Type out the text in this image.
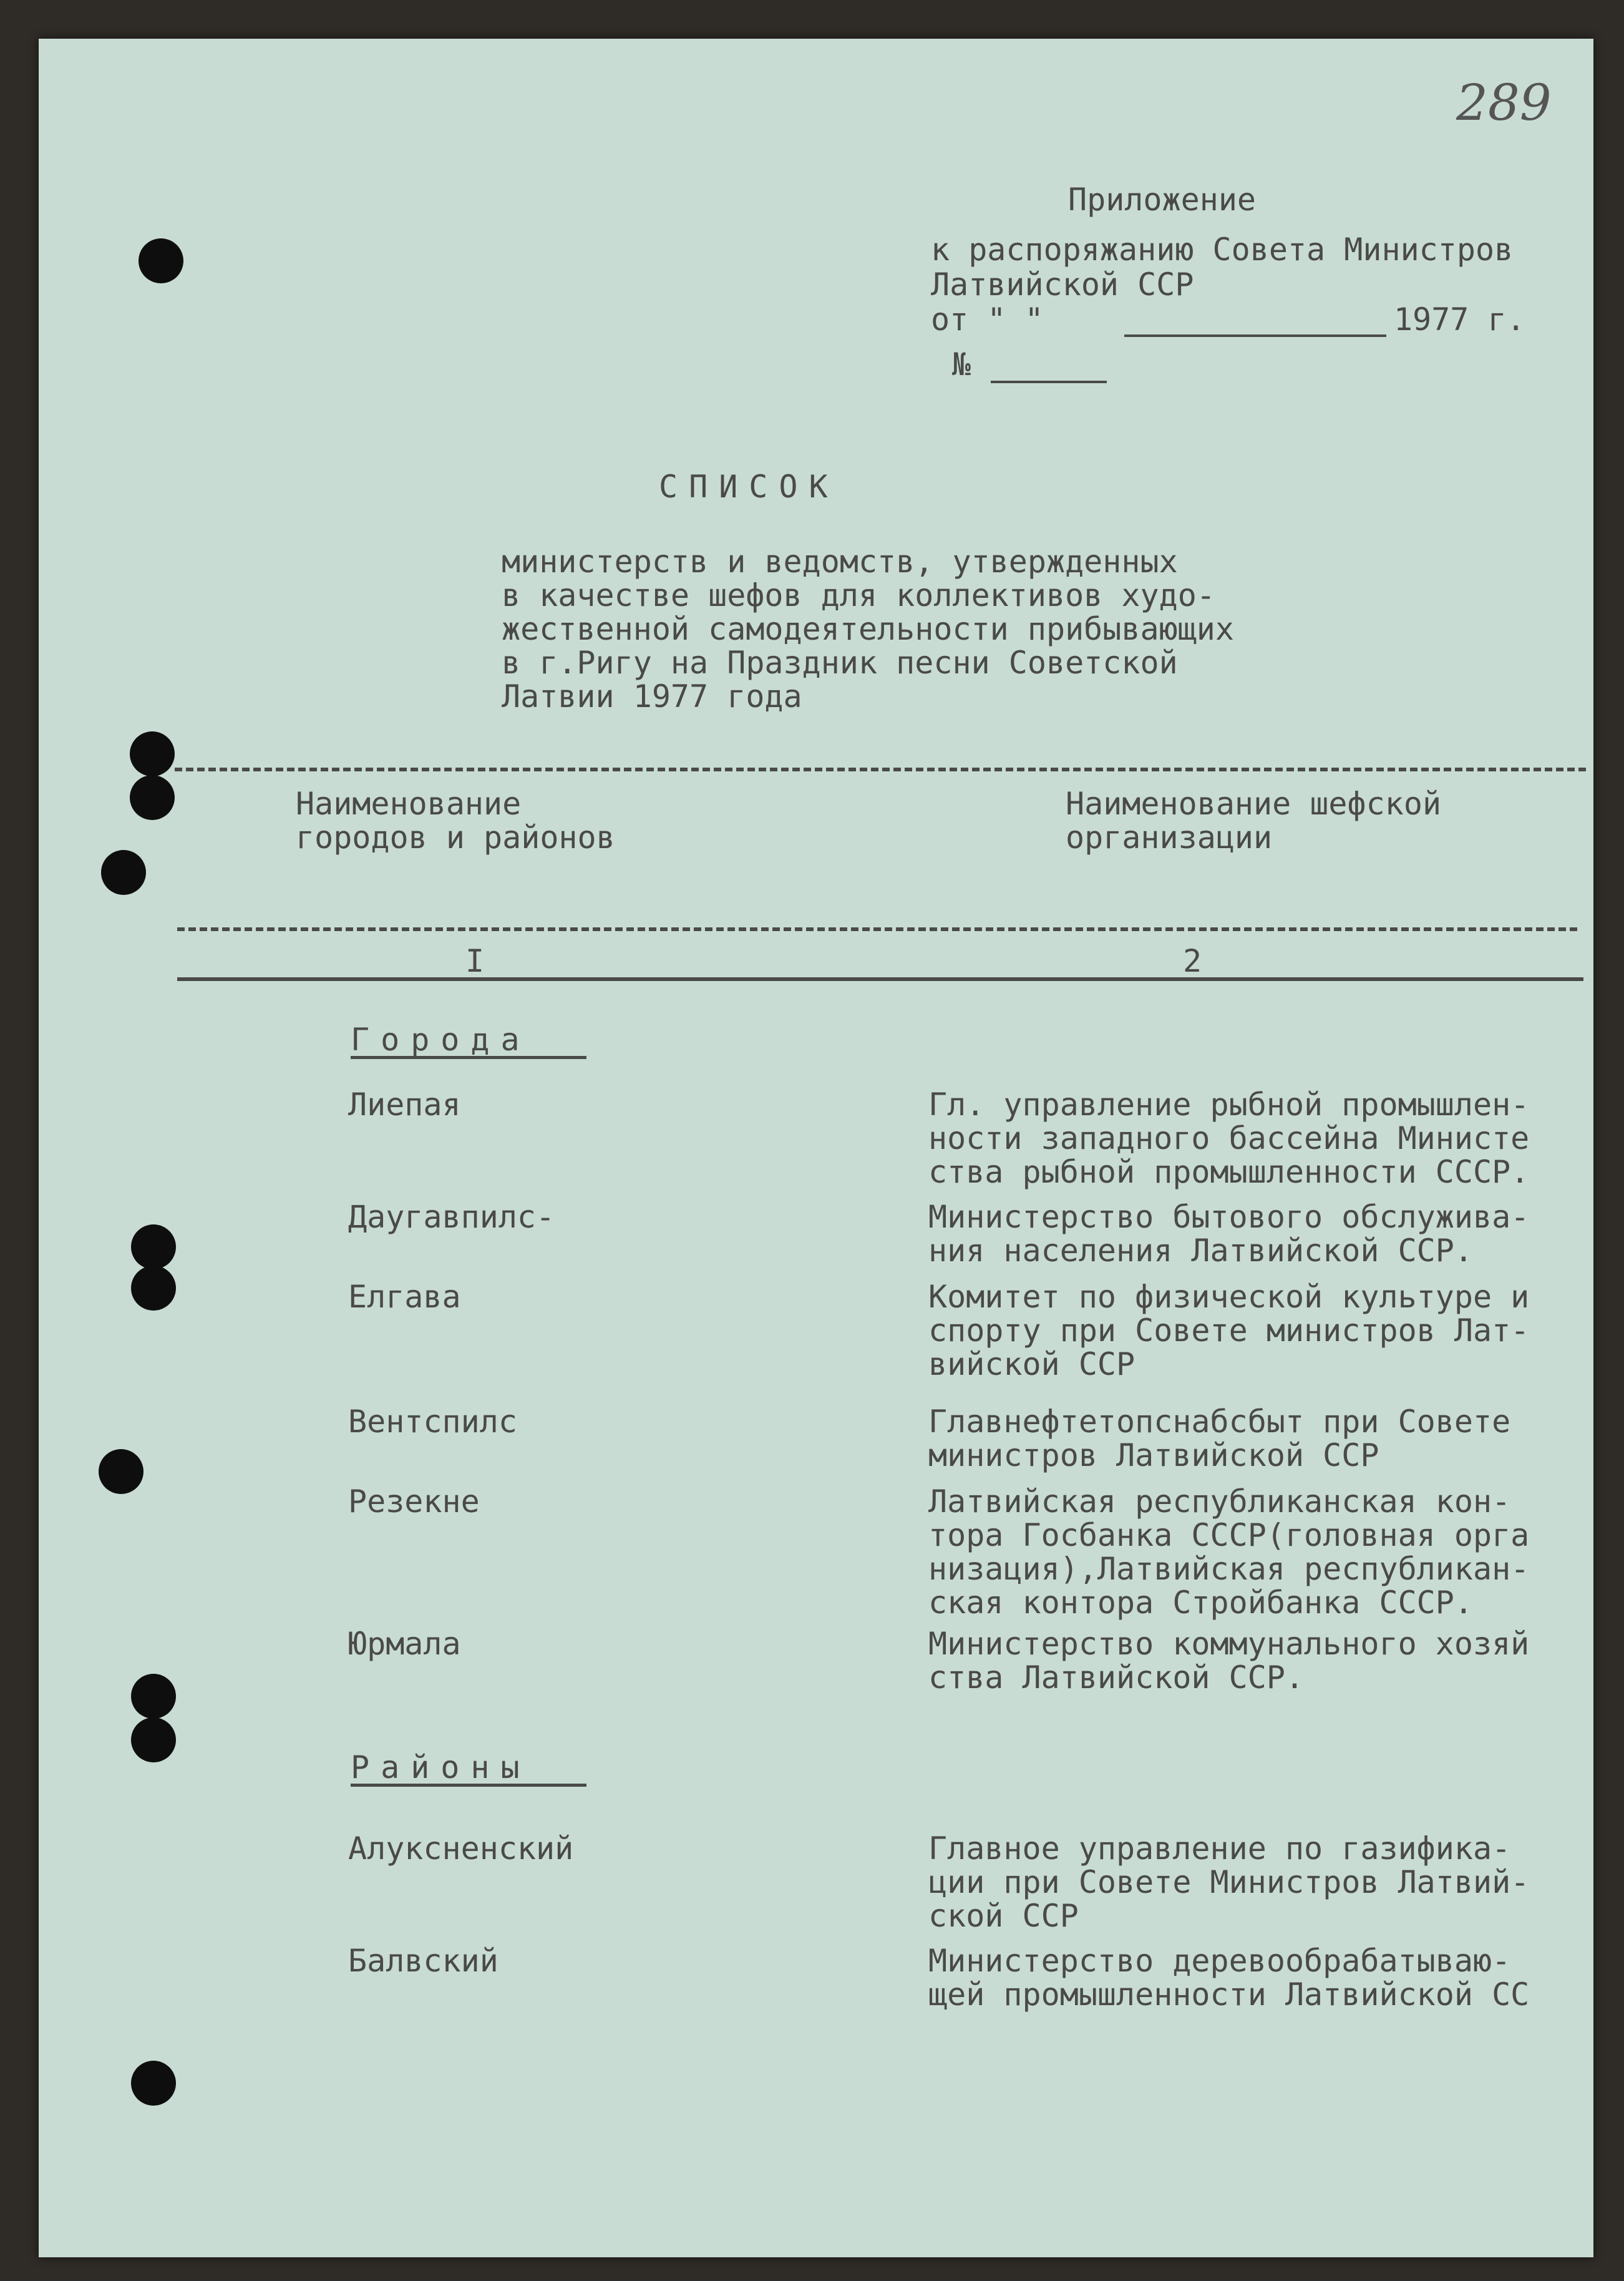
289
Приложение
к распоряжанию Совета Министров
Латвийской ССР
от " "	1977 г.
№
СПИСОК
министерств и ведомств, утвержденных
в качестве шефов для коллективов худо-
жественной самодеятельности прибывающих
в г.Ригу на Праздник песни Советской
Латвии 1977 года
Наименование
городов и районов
Наименование шефской
организации
I	2
Города
Лиепая	Гл. управление рыбной промышлен-
ности западного бассейна Министе
ства рыбной промышленности СССР.
Даугавпилс-	Министерство бытового обслужива-
ния населения Латвийской ССР.
Елгава	Комитет по физической культуре и
спорту при Совете министров Лат-
вийской ССР
Вентспилс	Главнефтетопснабсбыт при Совете
министров Латвийской ССР
Резекне	Латвийская республиканская кон-
тора Госбанка СССР(головная орга
низация),Латвийская республикан-
ская контора Стройбанка СССР.
Юрмала	Министерство коммунального хозяй
ства Латвийской ССР.
Районы
Алуксненский	Главное управление по газифика-
ции при Совете Министров Латвий-
ской ССР
Балвский	Министерство деревообрабатываю-
щей промышленности Латвийской СС
